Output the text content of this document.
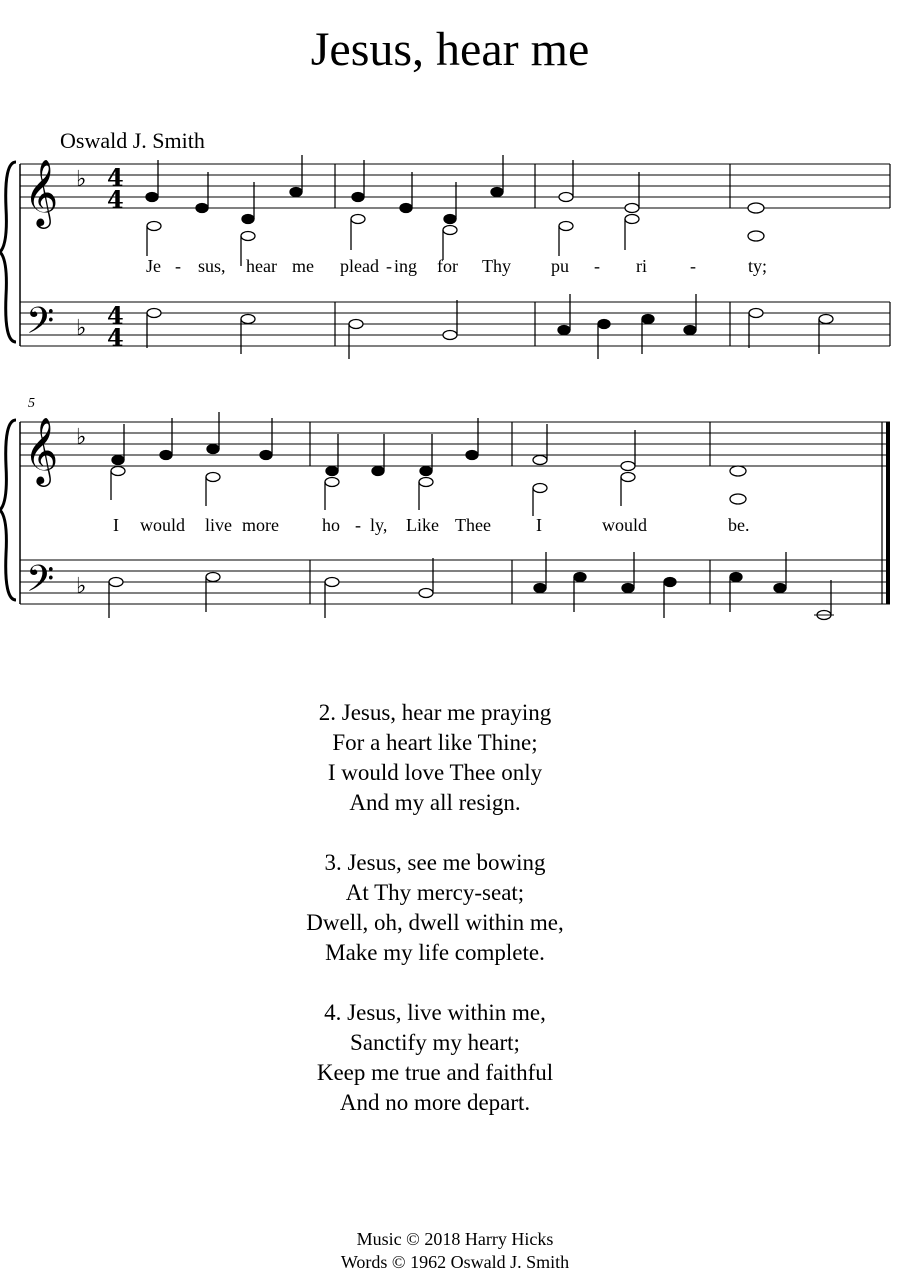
Jesus, hear me
Oswald J. Smith
5
𝄞
𝄢
♭
♭
4
4
4
4
Je - sus, hear me plead - ing for Thy pu - ri -	ty;
𝄞
𝄢
♭
♭
I would live more ho - ly, Like Thee	I	would	be.
2. Jesus, hear me praying
For a heart like Thine;
I would love Thee only
And my all resign.
3. Jesus, see me bowing
At Thy mercy-seat;
Dwell, oh, dwell within me,
Make my life complete.
4. Jesus, live within me,
Sanctify my heart;
Keep me true and faithful
And no more depart.
Music © 2018 Harry Hicks
Words © 1962 Oswald J. Smith
